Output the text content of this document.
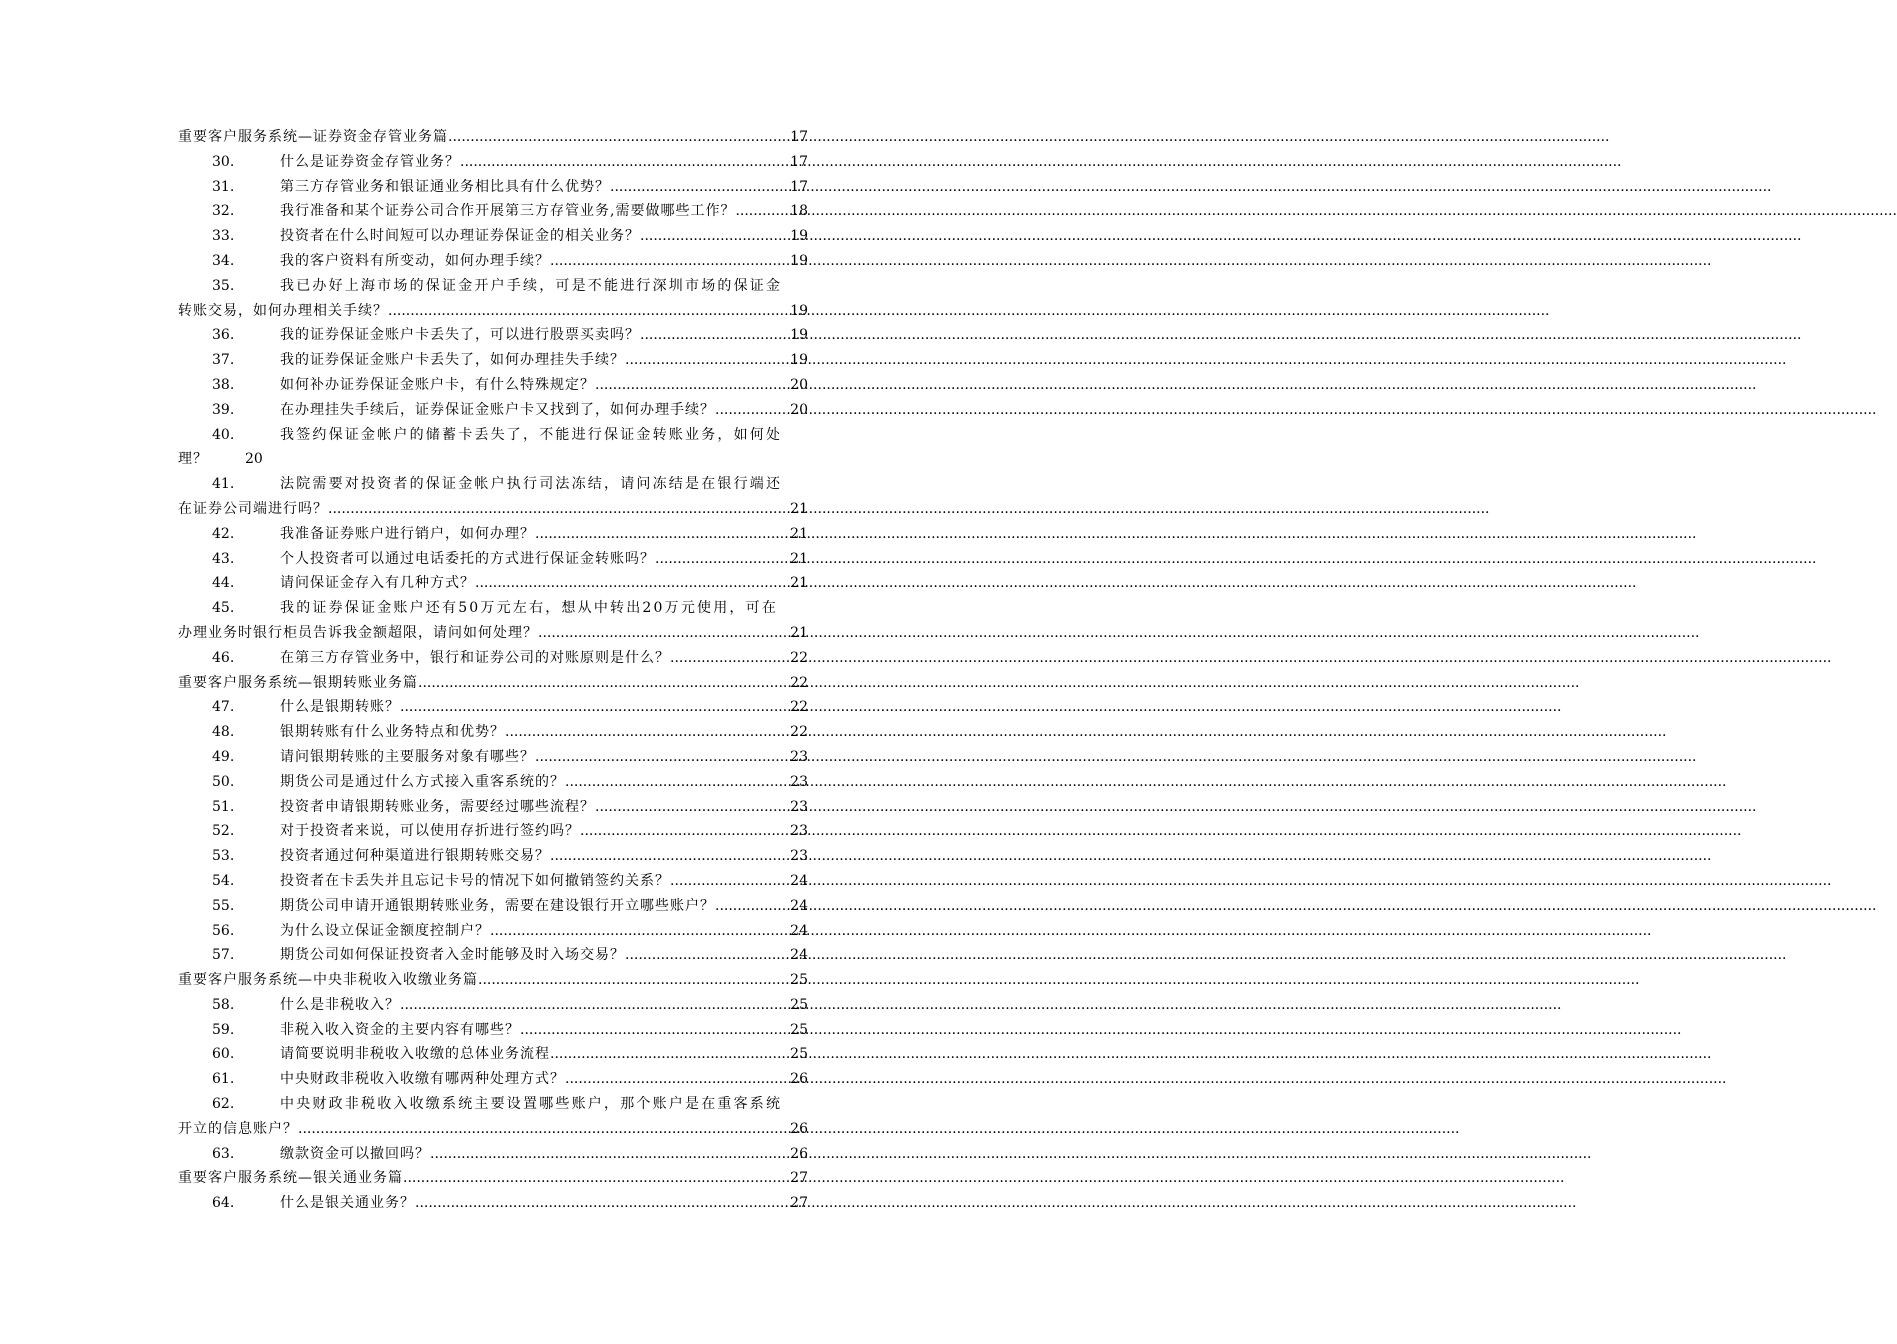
重要客户服务系统—证券资金存管业务篇 .....	17
30.	什么是证券资金存管业务？ .....	17
31.	第三方存管业务和银证通业务相比具有什么优势？ .....	17
32.	我行准备和某个证券公司合作开展第三方存管业务,需要做哪些工作？ .....	18
33.	投资者在什么时间短可以办理证券保证金的相关业务？ .....	19
34.	我的客户资料有所变动，如何办理手续？ .....	19
35.	我已办好上海市场的保证金开户手续，可是不能进行深圳市场的保证金
转账交易，如何办理相关手续？ .....	19
36.	我的证券保证金账户卡丢失了，可以进行股票买卖吗？ .....	19
37.	我的证券保证金账户卡丢失了，如何办理挂失手续？ .....	19
38.	如何补办证券保证金账户卡，有什么特殊规定？ .....	20
39.	在办理挂失手续后，证券保证金账户卡又找到了，如何办理手续？ .....	20
40.	我签约保证金帐户的储蓄卡丢失了，不能进行保证金转账业务，如何处
理？	20
41.	法院需要对投资者的保证金帐户执行司法冻结，请问冻结是在银行端还
在证券公司端进行吗？ .....	21
42.	我准备证券账户进行销户，如何办理？ .....	21
43.	个人投资者可以通过电话委托的方式进行保证金转账吗？ .....	21
44.	请问保证金存入有几种方式？ .....	21
45.	我的证券保证金账户还有50万元左右，想从中转出20万元使用，可在
办理业务时银行柜员告诉我金额超限，请问如何处理？ .....	21
46.	在第三方存管业务中，银行和证券公司的对账原则是什么？ .....	22
重要客户服务系统—银期转账业务篇 .....	22
47.	什么是银期转账？ .....	22
48.	银期转账有什么业务特点和优势？ .....	22
49.	请问银期转账的主要服务对象有哪些？ .....	23
50.	期货公司是通过什么方式接入重客系统的？ .....	23
51.	投资者申请银期转账业务，需要经过哪些流程？ .....	23
52.	对于投资者来说，可以使用存折进行签约吗？ .....	23
53.	投资者通过何种渠道进行银期转账交易？ .....	23
54.	投资者在卡丢失并且忘记卡号的情况下如何撤销签约关系？ .....	24
55.	期货公司申请开通银期转账业务，需要在建设银行开立哪些账户？ .....	24
56.	为什么设立保证金额度控制户？ .....	24
57.	期货公司如何保证投资者入金时能够及时入场交易？ .....	24
重要客户服务系统—中央非税收入收缴业务篇 .....	25
58.	什么是非税收入？ .....	25
59.	非税入收入资金的主要内容有哪些？ .....	25
60.	请简要说明非税收入收缴的总体业务流程 .....	25
61.	中央财政非税收入收缴有哪两种处理方式？ .....	26
62.	中央财政非税收入收缴系统主要设置哪些账户，那个账户是在重客系统
开立的信息账户？ .....	26
63.	缴款资金可以撤回吗？ .....	26
重要客户服务系统—银关通业务篇 .....	27
64.	什么是银关通业务？ .....	27
